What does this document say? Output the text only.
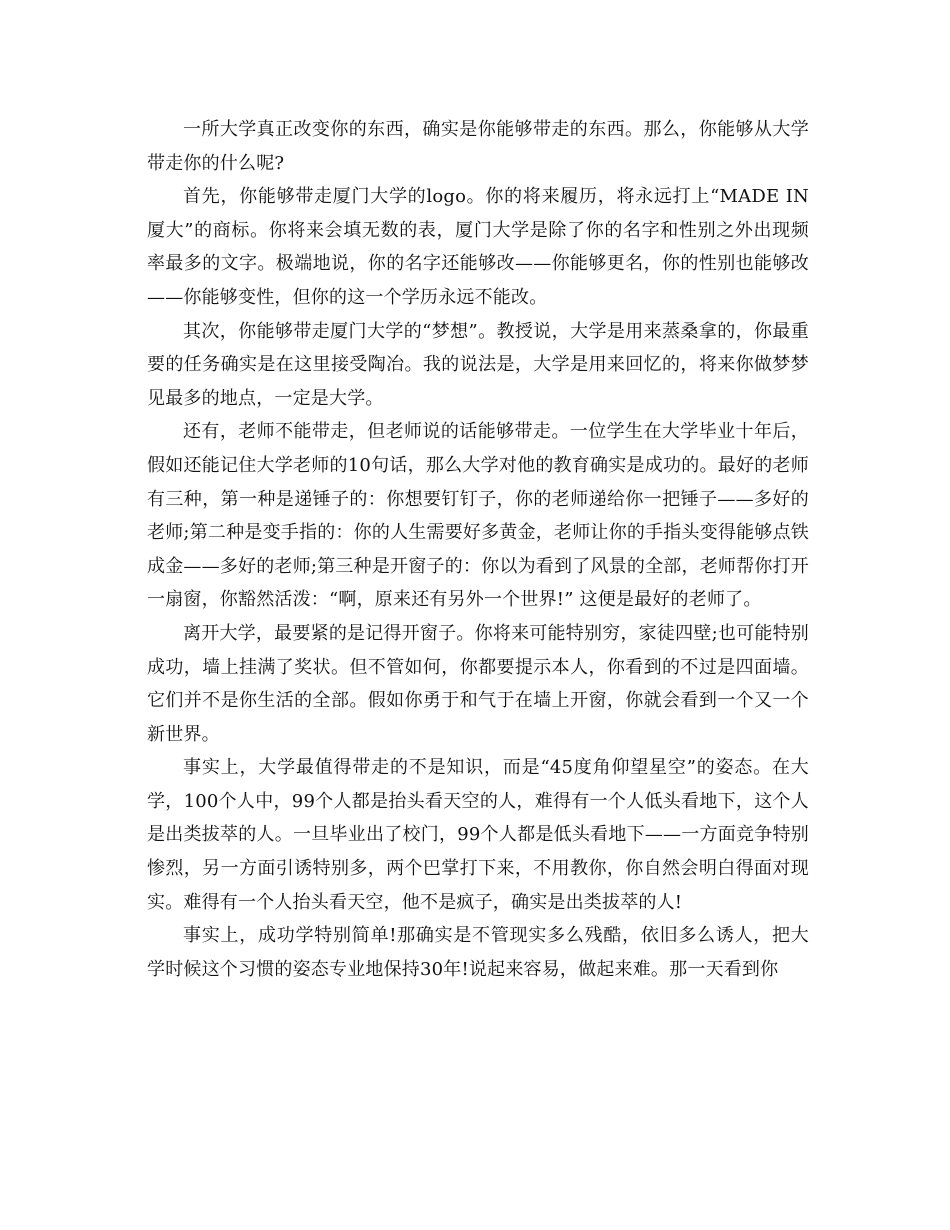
一所大学真正改变你的东西，确实是你能够带走的东西。那么，你能够从大学带走你的什么呢?

首先，你能够带走厦门大学的logo。你的将来履历，将永远打上“MADE IN 厦大”的商标。你将来会填无数的表，厦门大学是除了你的名字和性别之外出现频率最多的文字。极端地说，你的名字还能够改——你能够更名，你的性别也能够改——你能够变性，但你的这一个学历永远不能改。

其次，你能够带走厦门大学的“梦想”。教授说，大学是用来蒸桑拿的，你最重要的任务确实是在这里接受陶冶。我的说法是，大学是用来回忆的，将来你做梦梦见最多的地点，一定是大学。

还有，老师不能带走，但老师说的话能够带走。一位学生在大学毕业十年后，假如还能记住大学老师的10句话，那么大学对他的教育确实是成功的。最好的老师有三种，第一种是递锤子的：你想要钉钉子，你的老师递给你一把锤子——多好的老师;第二种是变手指的：你的人生需要好多黄金，老师让你的手指头变得能够点铁成金——多好的老师;第三种是开窗子的：你以为看到了风景的全部，老师帮你打开一扇窗，你豁然活泼：“啊，原来还有另外一个世界!” 这便是最好的老师了。

离开大学，最要紧的是记得开窗子。你将来可能特别穷，家徒四壁;也可能特别成功，墙上挂满了奖状。但不管如何，你都要提示本人，你看到的不过是四面墙。它们并不是你生活的全部。假如你勇于和气于在墙上开窗，你就会看到一个又一个新世界。

事实上，大学最值得带走的不是知识，而是“45度角仰望星空”的姿态。在大学，100个人中，99个人都是抬头看天空的人，难得有一个人低头看地下，这个人是出类拔萃的人。一旦毕业出了校门，99个人都是低头看地下——一方面竞争特别惨烈，另一方面引诱特别多，两个巴掌打下来，不用教你，你自然会明白得面对现实。难得有一个人抬头看天空，他不是疯子，确实是出类拔萃的人!

事实上，成功学特别简单!那确实是不管现实多么残酷，依旧多么诱人，把大学时候这个习惯的姿态专业地保持30年!说起来容易，做起来难。那一天看到你
